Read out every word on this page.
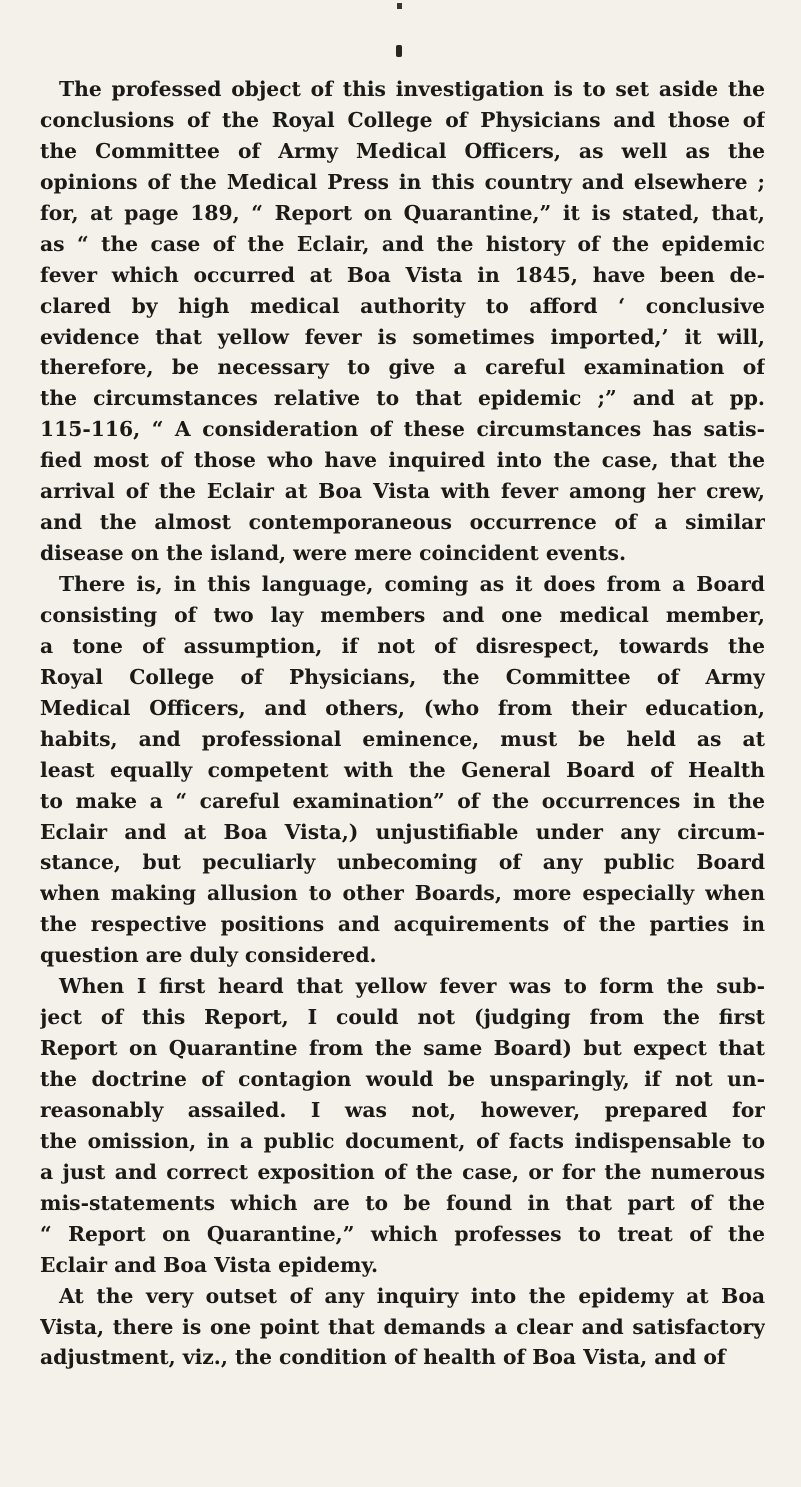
The professed object of this investigation is to set aside the
conclusions of the Royal College of Physicians and those of
the Committee of Army Medical Officers, as well as the
opinions of the Medical Press in this country and elsewhere ;
for, at page 189, “ Report on Quarantine,” it is stated, that,
as “ the case of the Eclair, and the history of the epidemic
fever which occurred at Boa Vista in 1845, have been de-
clared by high medical authority to afford ‘ conclusive
evidence that yellow fever is sometimes imported,’ it will,
therefore, be necessary to give a careful examination of
the circumstances relative to that epidemic ;” and at pp.
115-116, “ A consideration of these circumstances has satis-
fied most of those who have inquired into the case, that the
arrival of the Eclair at Boa Vista with fever among her crew,
and the almost contemporaneous occurrence of a similar
disease on the island, were mere coincident events.
There is, in this language, coming as it does from a Board
consisting of two lay members and one medical member,
a tone of assumption, if not of disrespect, towards the
Royal College of Physicians, the Committee of Army
Medical Officers, and others, (who from their education,
habits, and professional eminence, must be held as at
least equally competent with the General Board of Health
to make a “ careful examination” of the occurrences in the
Eclair and at Boa Vista,) unjustifiable under any circum-
stance, but peculiarly unbecoming of any public Board
when making allusion to other Boards, more especially when
the respective positions and acquirements of the parties in
question are duly considered.
When I first heard that yellow fever was to form the sub-
ject of this Report, I could not (judging from the first
Report on Quarantine from the same Board) but expect that
the doctrine of contagion would be unsparingly, if not un-
reasonably assailed. I was not, however, prepared for
the omission, in a public document, of facts indispensable to
a just and correct exposition of the case, or for the numerous
mis-statements which are to be found in that part of the
“ Report on Quarantine,” which professes to treat of the
Eclair and Boa Vista epidemy.
At the very outset of any inquiry into the epidemy at Boa
Vista, there is one point that demands a clear and satisfactory
adjustment, viz., the condition of health of Boa Vista, and of
